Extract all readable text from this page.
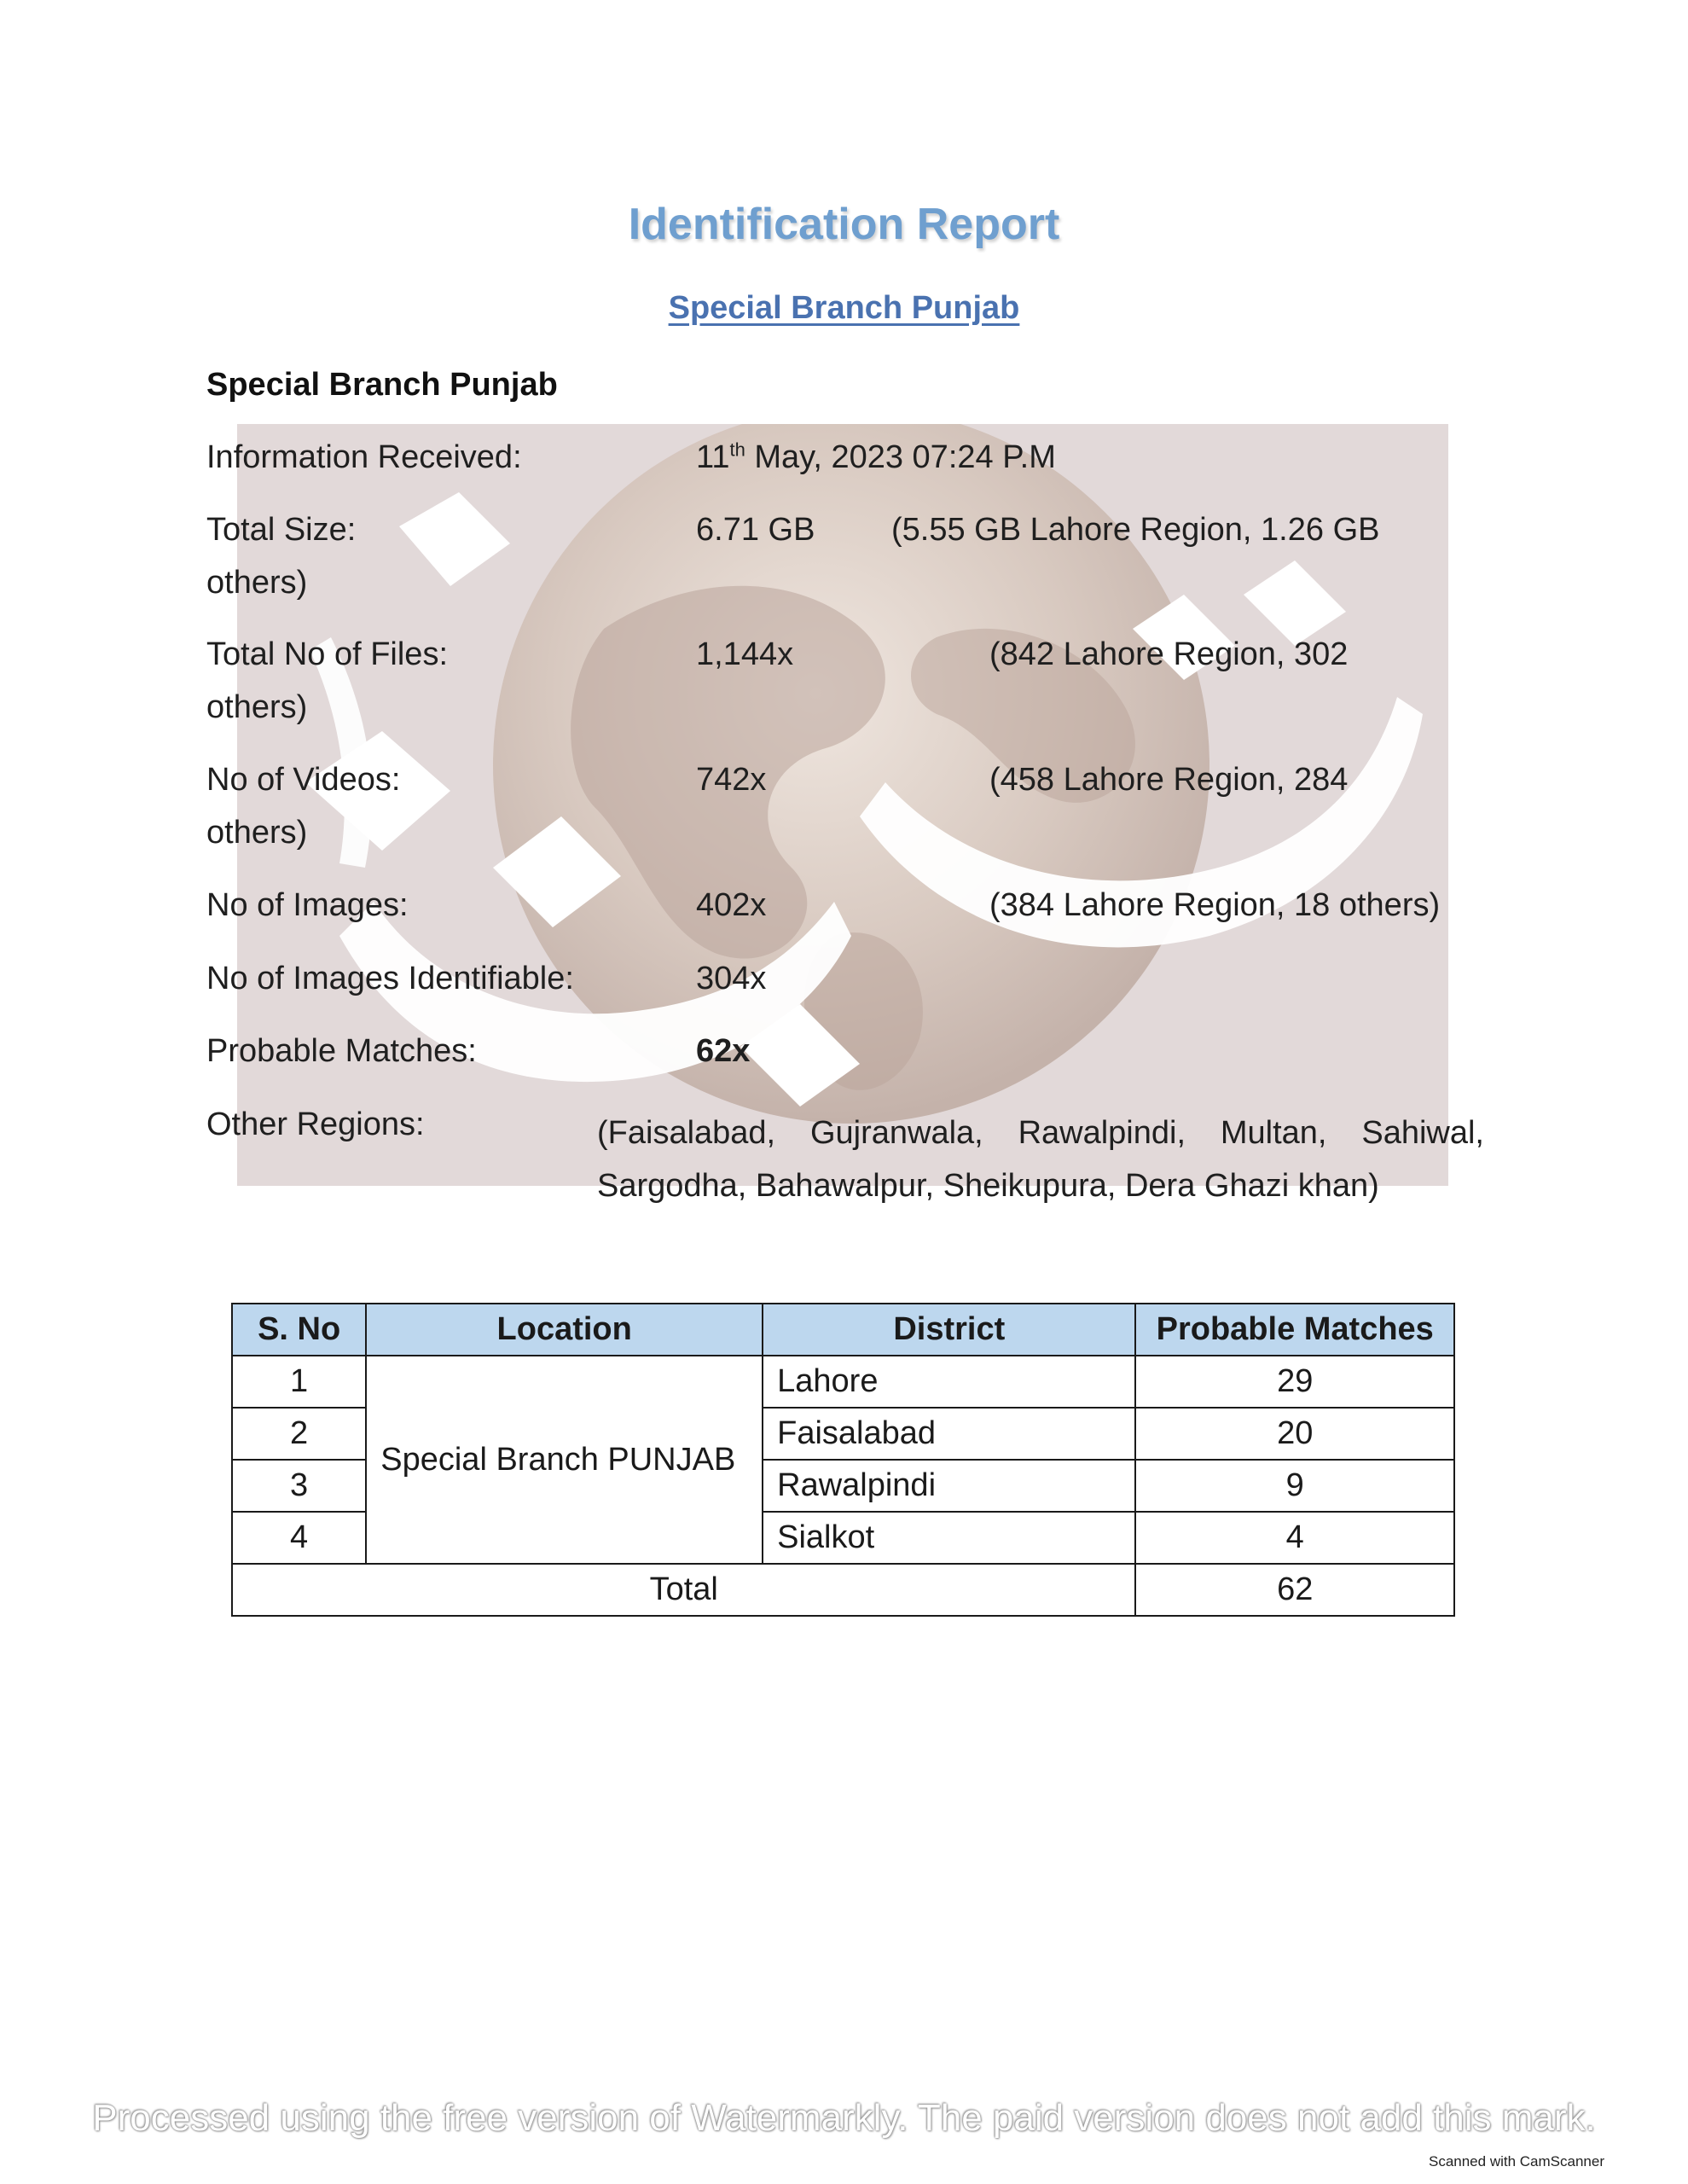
Identification Report
Special Branch Punjab
Special Branch Punjab
Information Received:	11th May, 2023 07:24 P.M
Total Size:	6.71 GB (5.55 GB Lahore Region, 1.26 GB
others)
Total No of Files:	1,144x	(842 Lahore Region, 302
others)
No of Videos:	742x	(458 Lahore Region, 284
others)
No of Images:	402x	(384 Lahore Region, 18 others)
No of Images Identifiable:	304x
Probable Matches:	62x
Other Regions:	(Faisalabad, Gujranwala, Rawalpindi, Multan, Sahiwal,
Sargodha, Bahawalpur, Sheikupura, Dera Ghazi khan)
S. No	Location	District	Probable Matches
1	Special Branch PUNJAB	Lahore	29
2		Faisalabad	20
3		Rawalpindi	9
4		Sialkot	4
Total			62
Processed using the free version of Watermarkly. The paid version does not add this mark.
Scanned with CamScanner
